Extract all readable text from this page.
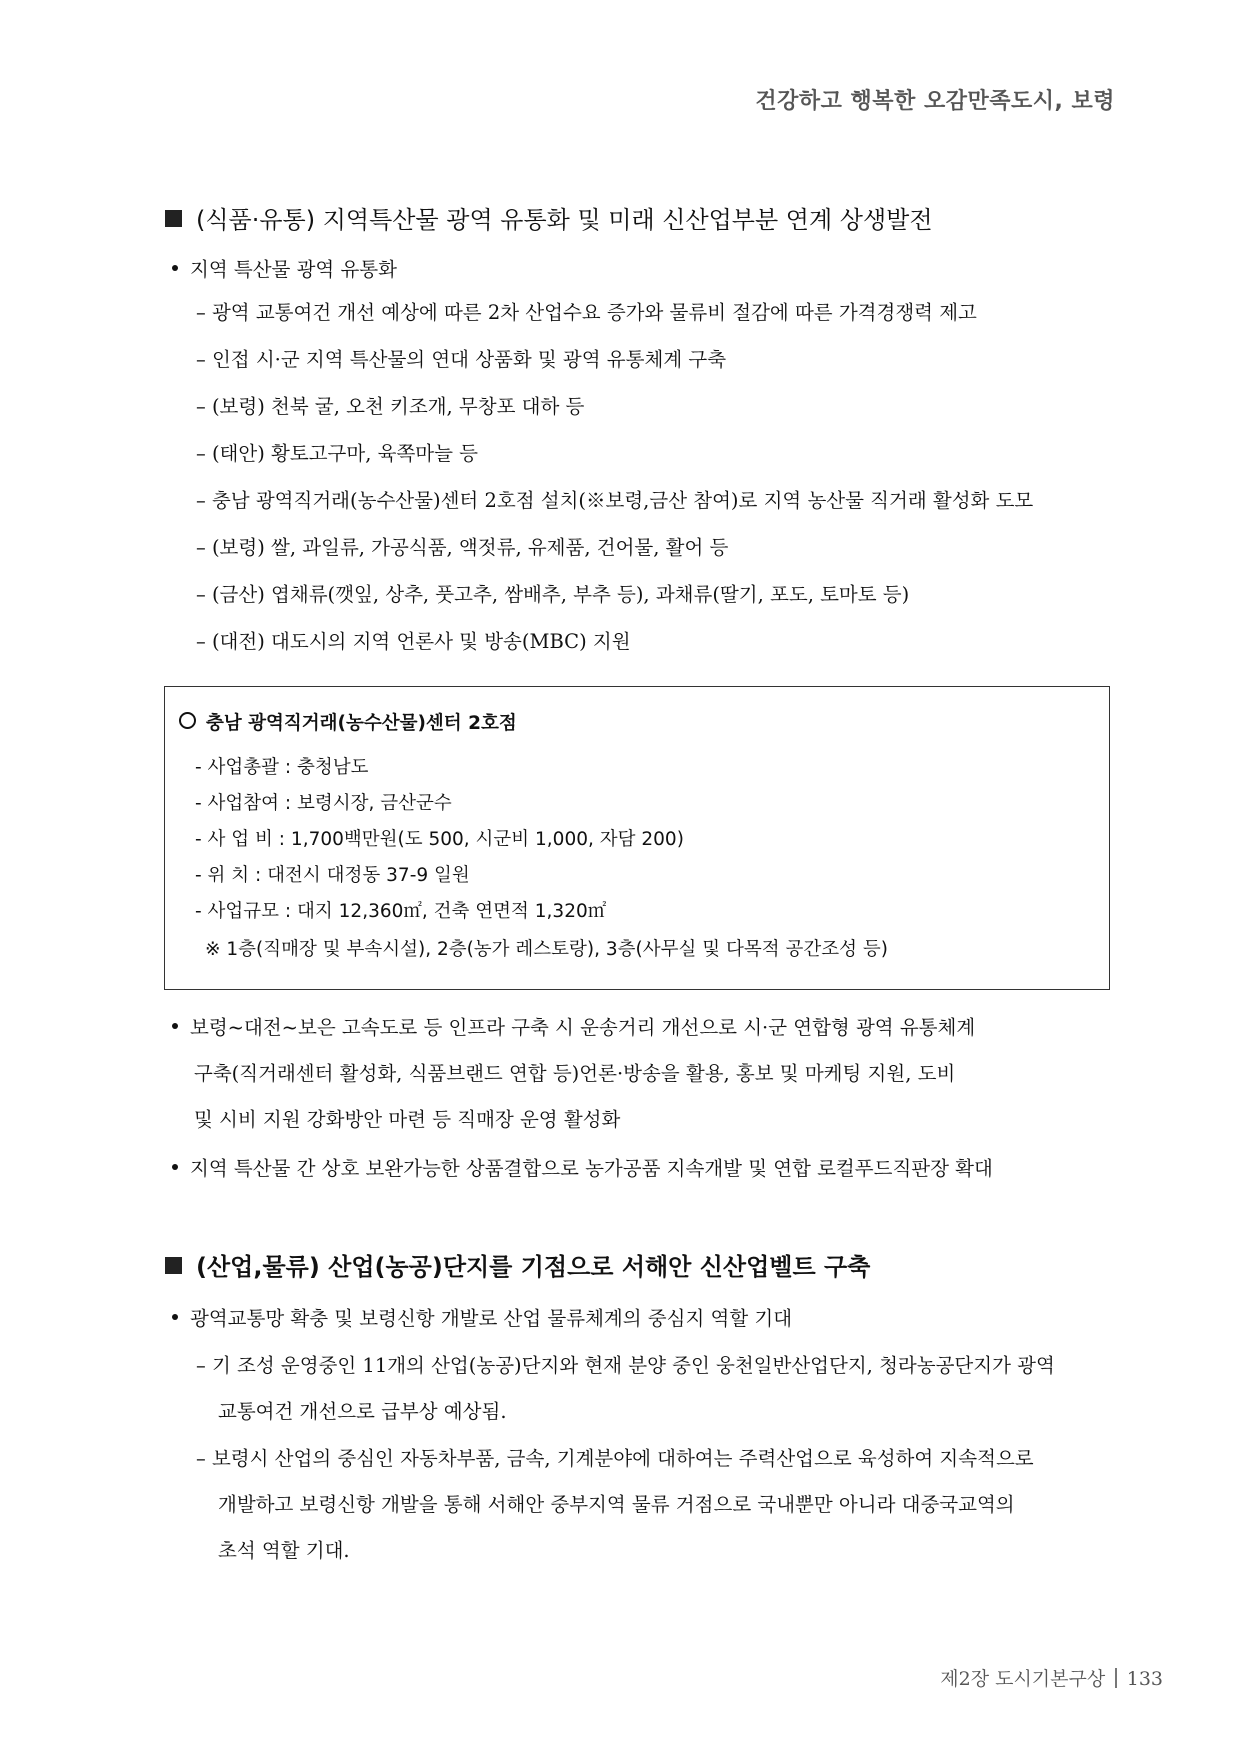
건강하고 행복한 오감만족도시, 보령
(식품·유통) 지역특산물 광역 유통화 및 미래 신산업부분 연계 상생발전
지역 특산물 광역 유통화
– 광역 교통여건 개선 예상에 따른 2차 산업수요 증가와 물류비 절감에 따른 가격경쟁력 제고
– 인접 시·군 지역 특산물의 연대 상품화 및 광역 유통체계 구축
– (보령) 천북 굴, 오천 키조개, 무창포 대하 등
– (태안) 황토고구마, 육쪽마늘 등
– 충남 광역직거래(농수산물)센터 2호점 설치(※보령,금산 참여)로 지역 농산물 직거래 활성화 도모
– (보령) 쌀, 과일류, 가공식품, 액젓류, 유제품, 건어물, 활어 등
– (금산) 엽채류(깻잎, 상추, 풋고추, 쌈배추, 부추 등), 과채류(딸기, 포도, 토마토 등)
– (대전) 대도시의 지역 언론사 및 방송(MBC) 지원
충남 광역직거래(농수산물)센터 2호점
- 사업총괄 : 충청남도
- 사업참여 : 보령시장, 금산군수
- 사 업 비 : 1,700백만원(도 500, 시군비 1,000, 자담 200)
- 위 치 : 대전시 대정동 37-9 일원
- 사업규모 : 대지 12,360㎡, 건축 연면적 1,320㎡
※ 1층(직매장 및 부속시설), 2층(농가 레스토랑), 3층(사무실 및 다목적 공간조성 등)
보령~대전~보은 고속도로 등 인프라 구축 시 운송거리 개선으로 시·군 연합형 광역 유통체계
구축(직거래센터 활성화, 식품브랜드 연합 등)언론·방송을 활용, 홍보 및 마케팅 지원, 도비
및 시비 지원 강화방안 마련 등 직매장 운영 활성화
지역 특산물 간 상호 보완가능한 상품결합으로 농가공품 지속개발 및 연합 로컬푸드직판장 확대
(산업,물류) 산업(농공)단지를 기점으로 서해안 신산업벨트 구축
광역교통망 확충 및 보령신항 개발로 산업 물류체계의 중심지 역할 기대
– 기 조성 운영중인 11개의 산업(농공)단지와 현재 분양 중인 웅천일반산업단지, 청라농공단지가 광역
교통여건 개선으로 급부상 예상됨.
– 보령시 산업의 중심인 자동차부품, 금속, 기계분야에 대하여는 주력산업으로 육성하여 지속적으로
개발하고 보령신항 개발을 통해 서해안 중부지역 물류 거점으로 국내뿐만 아니라 대중국교역의
초석 역할 기대.
제2장 도시기본구상 133
